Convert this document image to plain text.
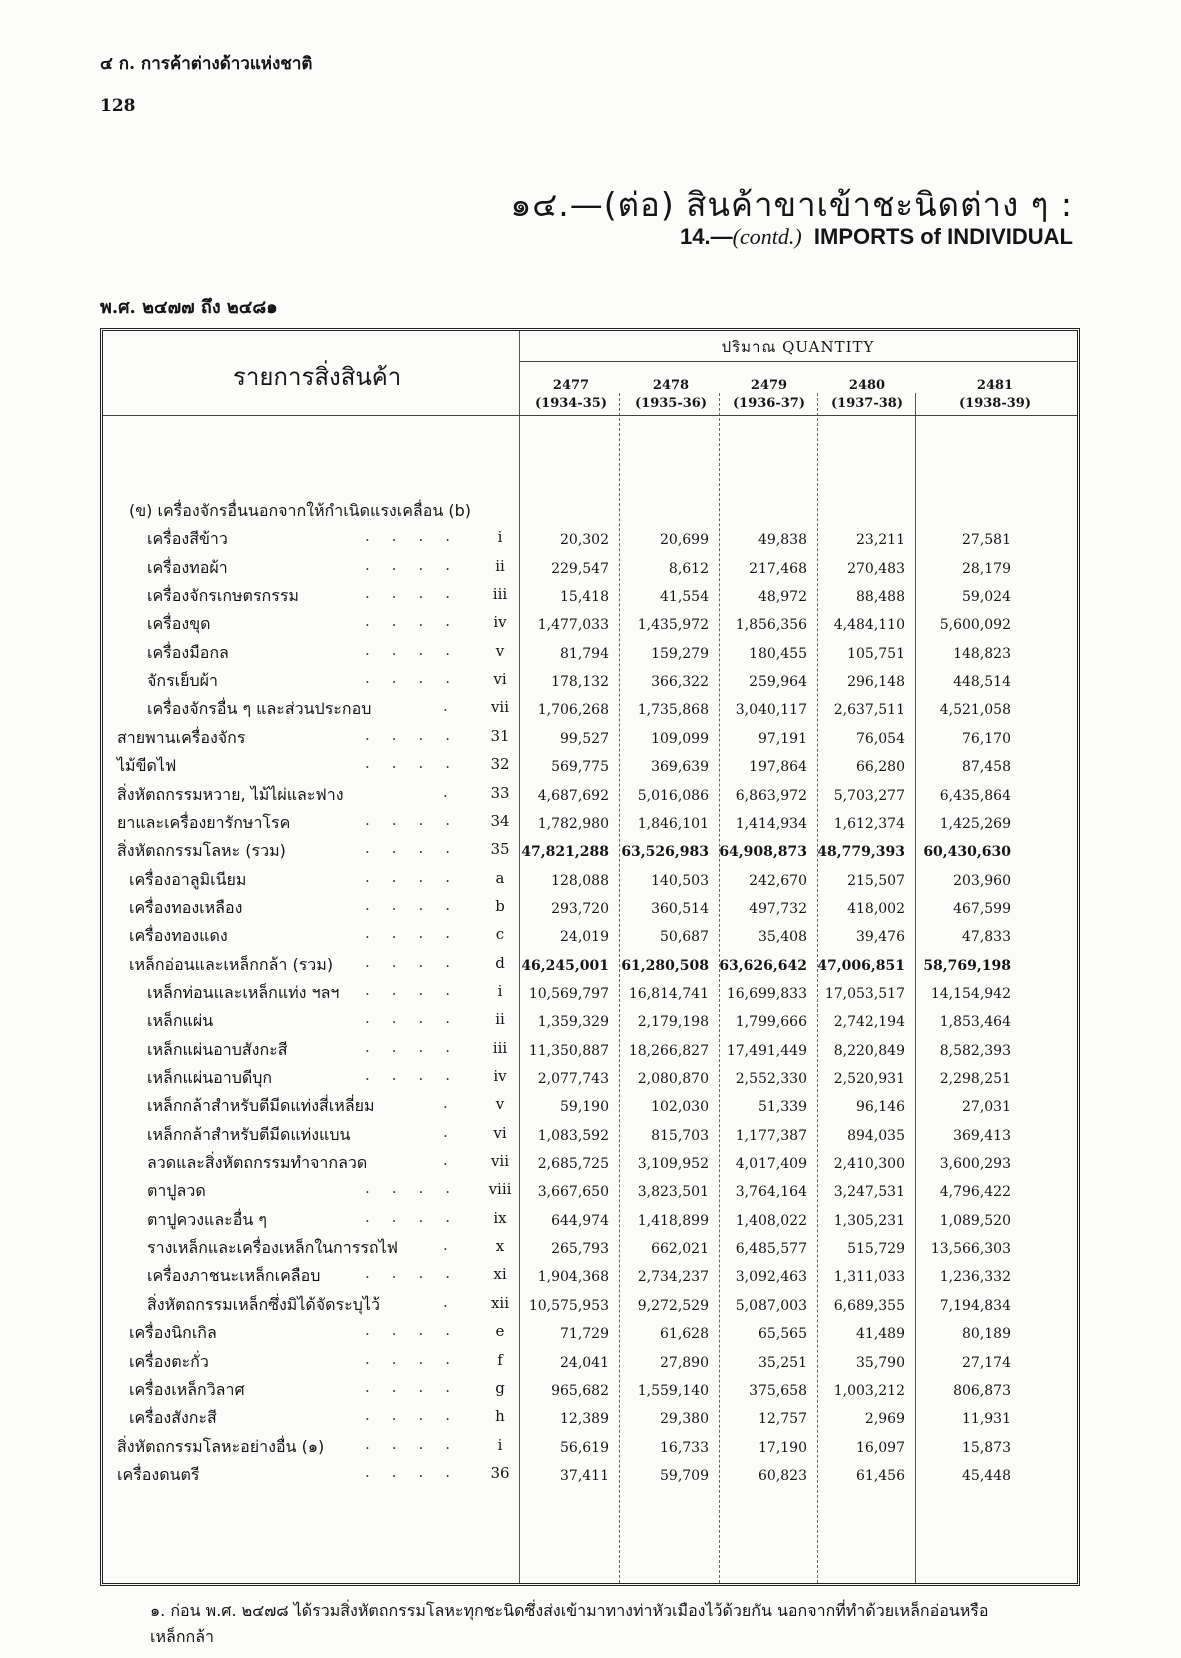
๔ ก. การค้าต่างด้าวแห่งชาติ
128
๑๔.—(ต่อ) สินค้าขาเข้าชะนิดต่าง ๆ :
14.—(contd.) IMPORTS of INDIVIDUAL
พ.ศ. ๒๔๗๗ ถึง ๒๔๘๑
รายการสิ่งสินค้า
ปริมาณ QUANTITY
2477
(1934-35)
2478
(1935-36)
2479
(1936-37)
2480
(1937-38)
2481
(1938-39)
(ข) เครื่องจักรอื่นนอกจากให้กำเนิดแรงเคลื่อน (b)
เครื่องสีข้าว	....	i	20,302	20,699	49,838	23,211	27,581
เครื่องทอผ้า	....	ii	229,547	8,612	217,468	270,483	28,179
เครื่องจักรเกษตรกรรม	....	iii	15,418	41,554	48,972	88,488	59,024
เครื่องขุด	....	iv	1,477,033	1,435,972	1,856,356	4,484,110	5,600,092
เครื่องมือกล	....	v	81,794	159,279	180,455	105,751	148,823
จักรเย็บผ้า	....	vi	178,132	366,322	259,964	296,148	448,514
เครื่องจักรอื่น ๆ และส่วนประกอบ	.	vii	1,706,268	1,735,868	3,040,117	2,637,511	4,521,058
สายพานเครื่องจักร	....	31	99,527	109,099	97,191	76,054	76,170
ไม้ขีดไฟ	....	32	569,775	369,639	197,864	66,280	87,458
สิ่งหัตถกรรมหวาย, ไม้ไผ่และฟาง	.	33	4,687,692	5,016,086	6,863,972	5,703,277	6,435,864
ยาและเครื่องยารักษาโรค	....	34	1,782,980	1,846,101	1,414,934	1,612,374	1,425,269
สิ่งหัตถกรรมโลหะ (รวม)	....	35 47,821,288 63,526,983 64,908,873 48,779,393	60,430,630
เครื่องอาลูมิเนียม	....	a	128,088	140,503	242,670	215,507	203,960
เครื่องทองเหลือง	....	b	293,720	360,514	497,732	418,002	467,599
เครื่องทองแดง	....	c	24,019	50,687	35,408	39,476	47,833
เหล็กอ่อนและเหล็กกล้า (รวม) ....	d	46,245,001 61,280,508 63,626,642 47,006,851	58,769,198
เหล็กท่อนและเหล็กแท่ง ฯลฯ ....	i	10,569,797	16,814,741	16,699,833	17,053,517	14,154,942
เหล็กแผ่น	....	ii	1,359,329	2,179,198	1,799,666	2,742,194	1,853,464
เหล็กแผ่นอาบสังกะสี	....	iii	11,350,887	18,266,827	17,491,449	8,220,849	8,582,393
เหล็กแผ่นอาบดีบุก	....	iv	2,077,743	2,080,870	2,552,330	2,520,931	2,298,251
เหล็กกล้าสำหรับตีมีดแท่งสี่เหลี่ยม	.	v	59,190	102,030	51,339	96,146	27,031
เหล็กกล้าสำหรับตีมีดแท่งแบน	.	vi	1,083,592	815,703	1,177,387	894,035	369,413
ลวดและสิ่งหัตถกรรมทำจากลวด	.	vii	2,685,725	3,109,952	4,017,409	2,410,300	3,600,293
ตาปูลวด	....	viii	3,667,650	3,823,501	3,764,164	3,247,531	4,796,422
ตาปูควงและอื่น ๆ	....	ix	644,974	1,418,899	1,408,022	1,305,231	1,089,520
รางเหล็กและเครื่องเหล็กในการรถไฟ	.	x	265,793	662,021	6,485,577	515,729	13,566,303
เครื่องภาชนะเหล็กเคลือบ	....	xi	1,904,368	2,734,237	3,092,463	1,311,033	1,236,332
สิ่งหัตถกรรมเหล็กซึ่งมิได้จัดระบุไว้	.	xii	10,575,953	9,272,529	5,087,003	6,689,355	7,194,834
เครื่องนิกเกิล	....	e	71,729	61,628	65,565	41,489	80,189
เครื่องตะกั่ว	....	f	24,041	27,890	35,251	35,790	27,174
เครื่องเหล็กวิลาศ	....	g	965,682	1,559,140	375,658	1,003,212	806,873
เครื่องสังกะสี	....	h	12,389	29,380	12,757	2,969	11,931
สิ่งหัตถกรรมโลหะอย่างอื่น (๑)	....	i	56,619	16,733	17,190	16,097	15,873
เครื่องดนตรี	....	36	37,411	59,709	60,823	61,456	45,448
๑. ก่อน พ.ศ. ๒๔๗๘ ได้รวมสิ่งหัตถกรรมโลหะทุกชะนิดซึ่งส่งเข้ามาทางท่าหัวเมืองไว้ด้วยกัน นอกจากที่ทำด้วยเหล็กอ่อนหรือเหล็กกล้า
